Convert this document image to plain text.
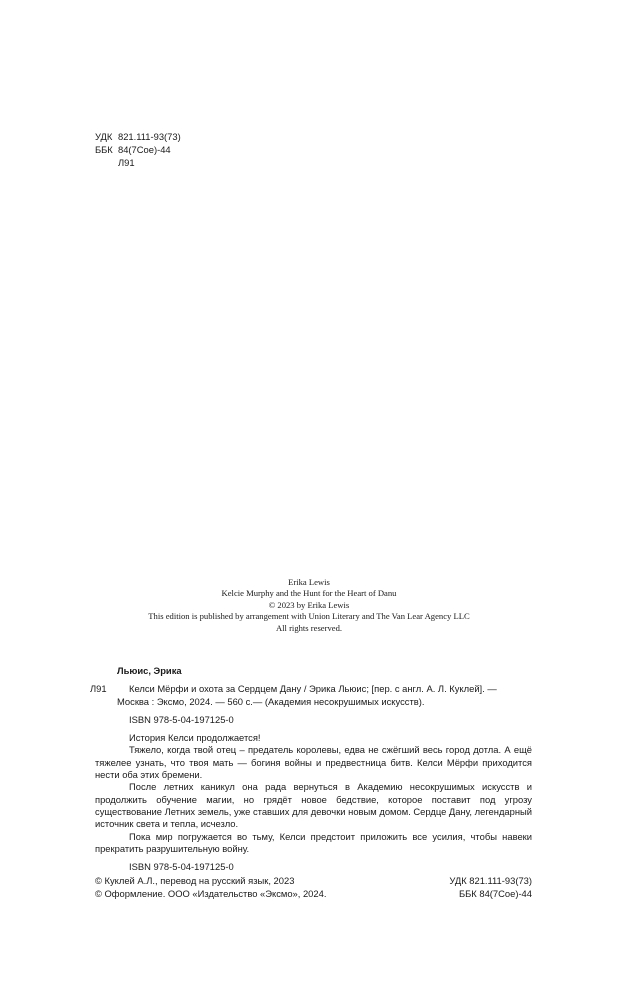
УДК 821.111-93(73)
ББК 84(7Сое)-44
Л91
Erika Lewis
Kelcie Murphy and the Hunt for the Heart of Danu
© 2023 by Erika Lewis
This edition is published by arrangement with Union Literary and The Van Lear Agency LLC
All rights reserved.
Льюис, Эрика
Л91 Келси Мёрфи и охота за Сердцем Дану / Эрика Льюис; [пер. с англ. А. Л. Куклей]. —
Москва : Эксмо, 2024. — 560 с.— (Академия несокрушимых искусств).
ISBN 978-5-04-197125-0

История Келси продолжается!

Тяжело, когда твой отец – предатель королевы, едва не сжёгший весь город дотла. А ещё тяжелее узнать, что твоя мать — богиня войны и предвестница битв. Келси Мёрфи приходится нести оба этих бремени.

После летних каникул она рада вернуться в Академию несокрушимых искусств и продолжить обучение магии, но грядёт новое бедствие, которое поставит под угрозу существование Летних земель, уже ставших для девочки новым домом. Сердце Дану, легендарный источник света и тепла, исчезло.

Пока мир погружается во тьму, Келси предстоит приложить все усилия, чтобы навеки прекратить разрушительную войну.

ISBN 978-5-04-197125-0
© Куклей А.Л., перевод на русский язык, 2023
© Оформление. ООО «Издательство «Эксмо», 2024.
УДК 821.111-93(73)
ББК 84(7Сое)-44
